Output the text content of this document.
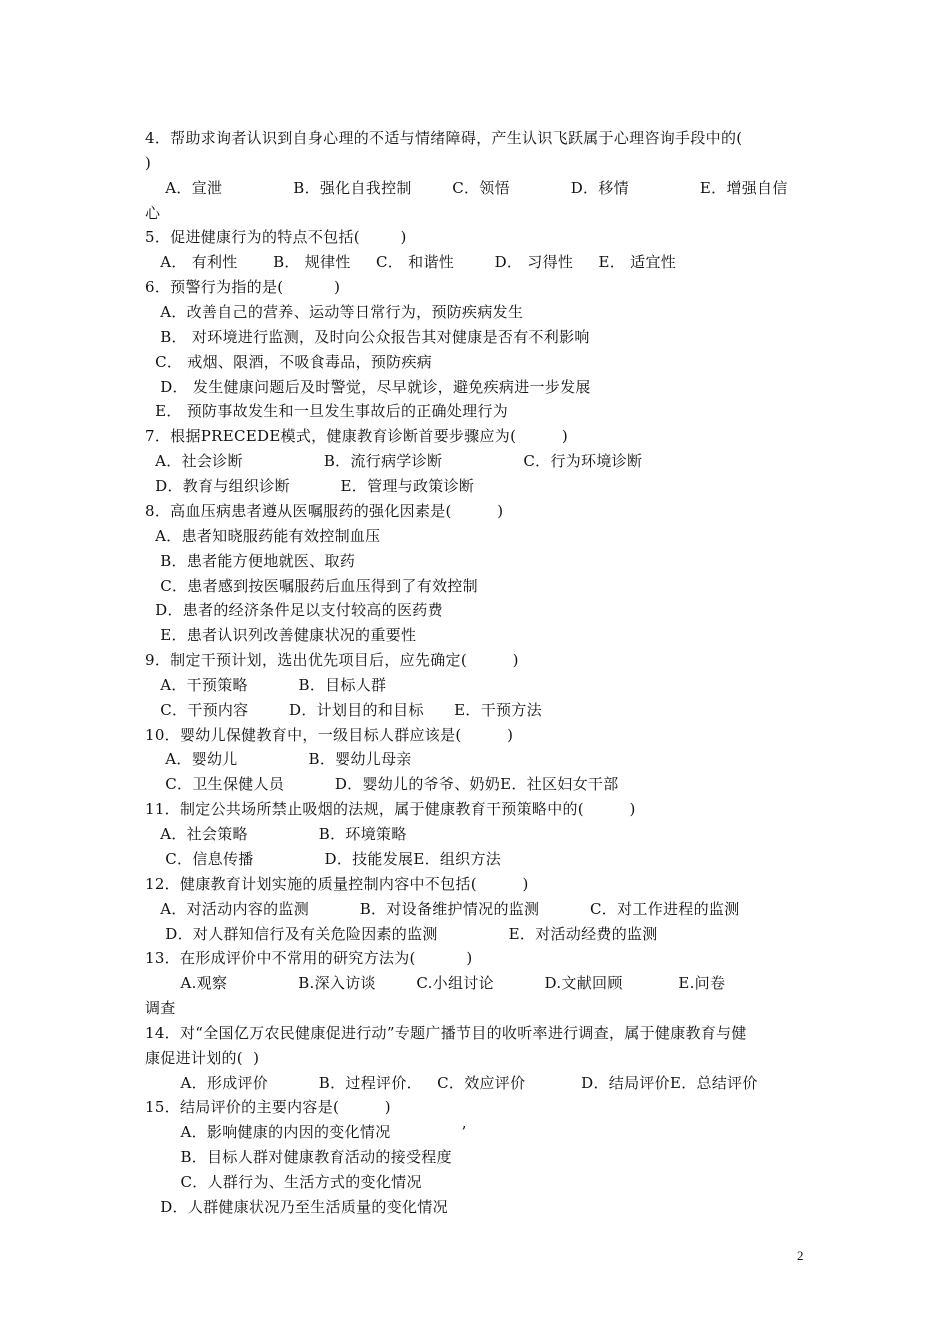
4．帮助求询者认识到自身心理的不适与情绪障碍，产生认识飞跃属于心理咨询手段中的(
)
A．宣泄              B．强化自我控制        C．领悟            D．移情              E．增强自信
心
5．促进健康行为的特点不包括(        )
A． 有利性       B． 规律性     C． 和谐性        D． 习得性     E． 适宜性
6．预警行为指的是(          )
A．改善自己的营养、运动等日常行为，预防疾病发生
B． 对环境进行监测，及时向公众报告其对健康是否有不利影响
C． 戒烟、限酒，不吸食毒品，预防疾病
D． 发生健康问题后及时警觉，尽早就诊，避免疾病进一步发展
E． 预防事故发生和一旦发生事故后的正确处理行为
7．根据PRECEDE模式，健康教育诊断首要步骤应为(         )
A．社会诊断                B．流行病学诊断                C．行为环境诊断
D．教育与组织诊断          E．管理与政策诊断
8．高血压病患者遵从医嘱服药的强化因素是(         )
A．患者知晓服药能有效控制血压
B．患者能方便地就医、取药
C．患者感到按医嘱服药后血压得到了有效控制
D．患者的经济条件足以支付较高的医药费
E．患者认识列改善健康状况的重要性
9．制定干预计划，选出优先项目后，应先确定(         )
A．干预策略          B．目标人群
C．干预内容        D．计划目的和目标      E．干预方法
10．婴幼儿保健教育中，一级目标人群应该是(         )
A．婴幼儿              B．婴幼儿母亲
C．卫生保健人员          D．婴幼儿的爷爷、奶奶E．社区妇女干部
11．制定公共场所禁止吸烟的法规，属于健康教育干预策略中的(         )
A．社会策略              B．环境策略
C．信息传播              D．技能发展E．组织方法
12．健康教育计划实施的质量控制内容中不包括(         )
A．对活动内容的监测          B．对设备维护情况的监测          C．对工作进程的监测
D．对人群知信行及有关危险因素的监测              E．对活动经费的监测
13．在形成评价中不常用的研究方法为(          )
A.观察              B.深入访谈        C.小组讨论          D.文献回顾           E.问卷
调查
14．对“全国亿万农民健康促进行动”专题广播节目的收听率进行调查，属于健康教育与健
康促进计划的(  )
A．形成评价          B．过程评价．   C．效应评价           D．结局评价E．总结评价
15．结局评价的主要内容是(         )
A．影响健康的内因的变化情况              ’
B．目标人群对健康教育活动的接受程度
C．人群行为、生活方式的变化情况
D．人群健康状况乃至生活质量的变化情况
2
